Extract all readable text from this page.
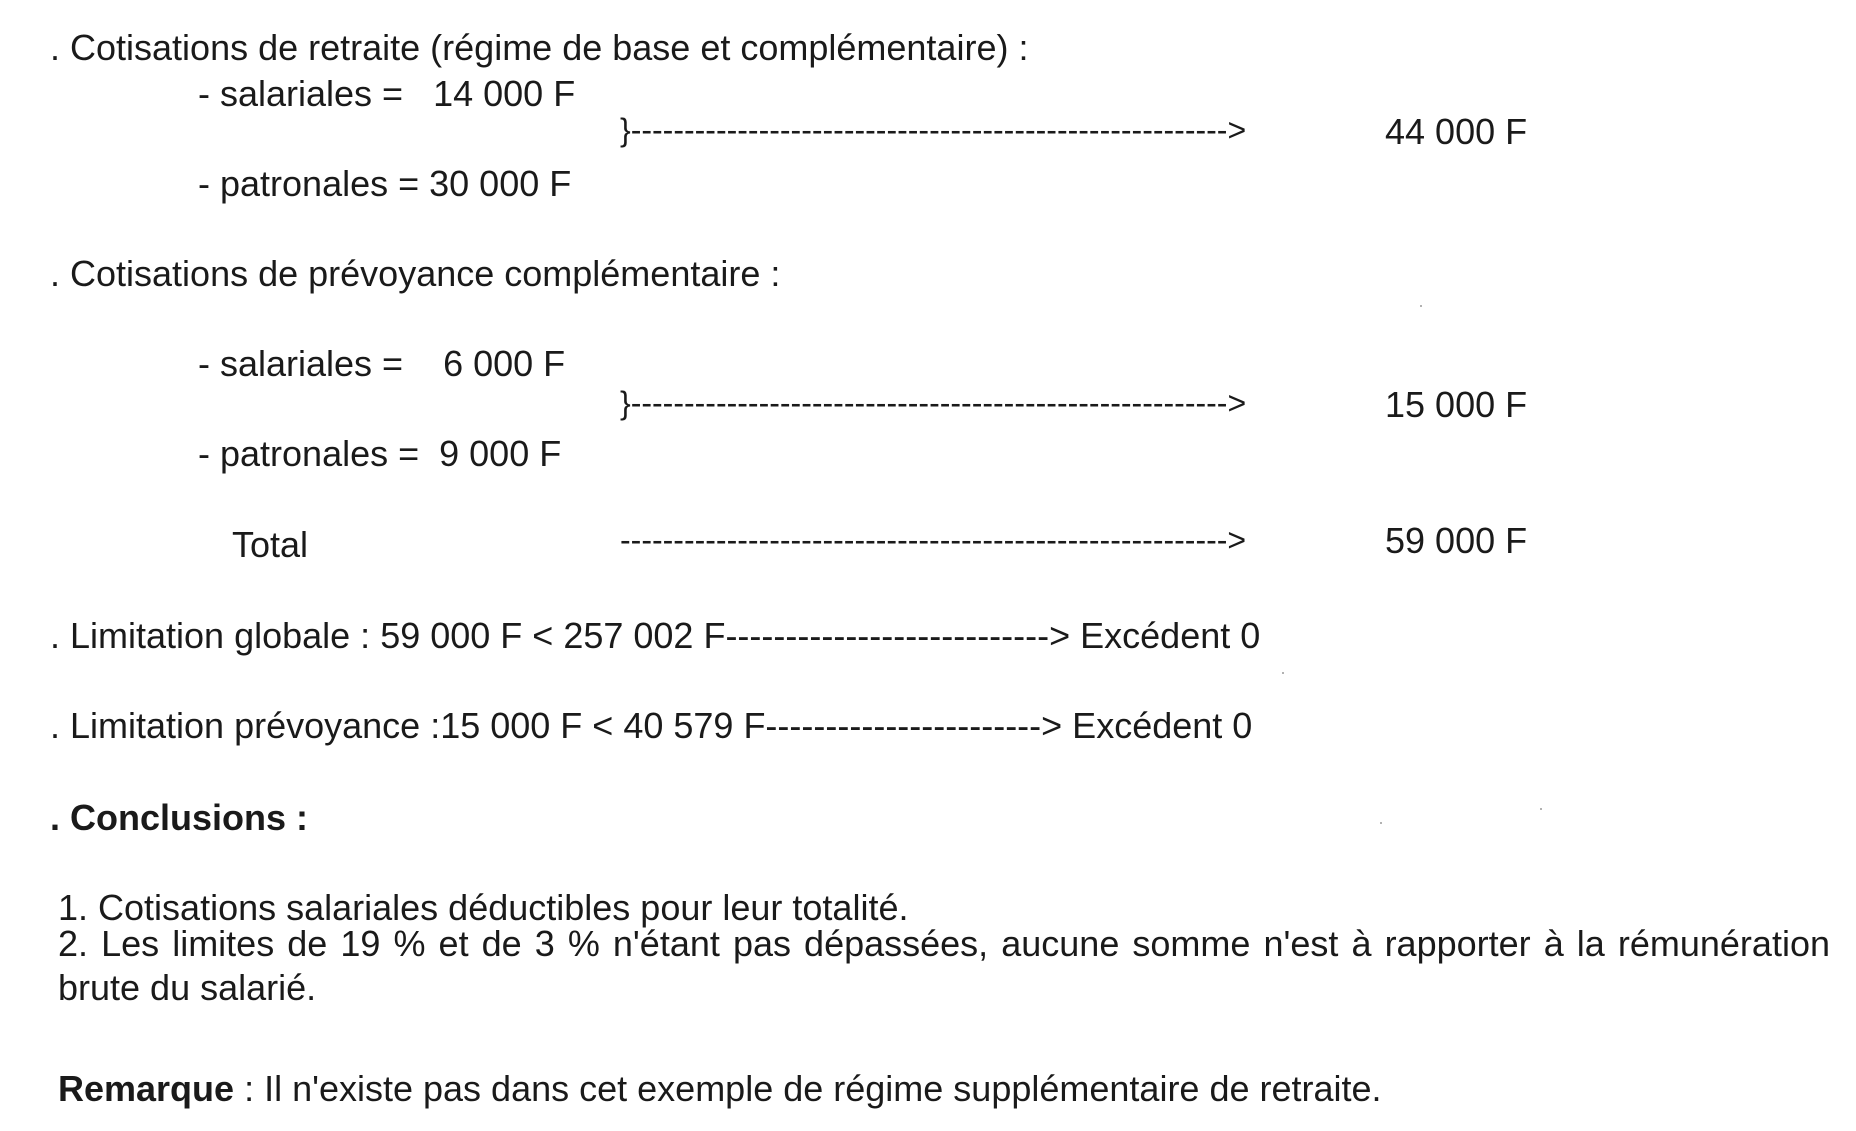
. Cotisations de retraite (régime de base et complémentaire) :
- salariales =   14 000 F
}-------------------------------------------------------->	44 000 F
- patronales = 30 000 F
. Cotisations de prévoyance complémentaire :
- salariales =    6 000 F
}-------------------------------------------------------->	15 000 F
- patronales =  9 000 F
Total	--------------------------------------------------------->	59 000 F
. Limitation globale : 59 000 F < 257 002 F---------------------------> Excédent 0
. Limitation prévoyance :15 000 F < 40 579 F-----------------------> Excédent 0
. Conclusions :
1. Cotisations salariales déductibles pour leur totalité.
2. Les limites de 19 % et de 3 % n'étant pas dépassées, aucune somme n'est à rapporter à la rémunération brute du salarié.
Remarque : Il n'existe pas dans cet exemple de régime supplémentaire de retraite.
